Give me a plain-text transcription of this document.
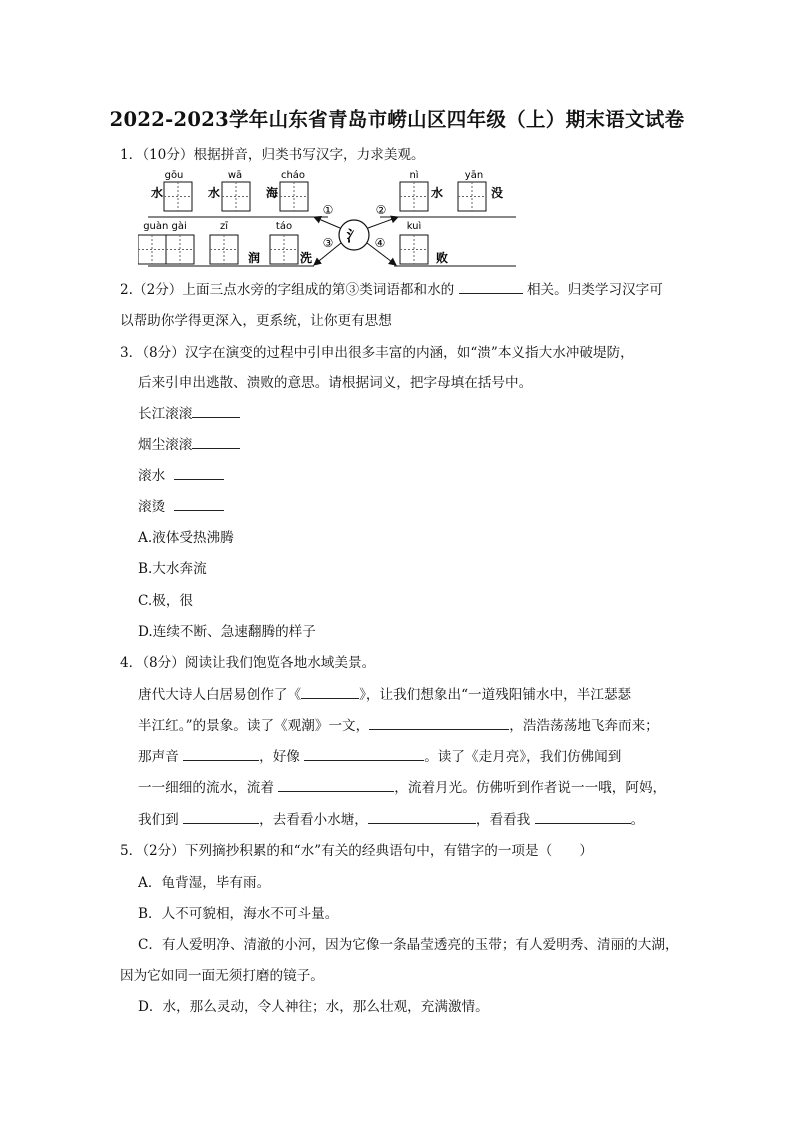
2022-2023学年山东省青岛市崂山区四年级（上）期末语文试卷
1．（10分）根据拼音，归类书写汉字，力求美观。
氵
①	②
③	④
gōu
水
wā
水
cháo
海
nì
水
yān
没
guàn gài	zī
润
táo
洗
kuì
败
2.（2分）上面三点水旁的字组成的第③类词语都和水的	相关。归类学习汉字可
以帮助你学得更深入，更系统，让你更有思想
3．（8分）汉字在演变的过程中引申出很多丰富的内涵，如“溃”本义指大水冲破堤防，
后来引申出逃散、溃败的意思。请根据词义，把字母填在括号中。
长江滚滚
烟尘滚滚
滚水
滚烫
A.液体受热沸腾
B.大水奔流
C.极，很
D.连续不断、急速翻腾的样子
4．（8分）阅读让我们饱览各地水域美景。
唐代大诗人白居易创作了《	》，让我们想象出“一道残阳铺水中，半江瑟瑟
半江红。”的景象。读了《观潮》一文，	，浩浩荡荡地飞奔而来；
那声音	，好像	。读了《走月亮》，我们仿佛闻到
一一细细的流水，流着	，流着月光。仿佛听到作者说一一哦，阿妈，
我们到	，去看看小水塘，	，看看我	。
5．（2分）下列摘抄积累的和“水”有关的经典语句中，有错字的一项是（　　）
A．龟背湿，毕有雨。
B．人不可貌相，海水不可斗量。
C．有人爱明净、清澈的小河，因为它像一条晶莹透亮的玉带；有人爱明秀、清丽的大湖，
因为它如同一面无须打磨的镜子。
D．水，那么灵动，令人神往；水，那么壮观，充满激情。
